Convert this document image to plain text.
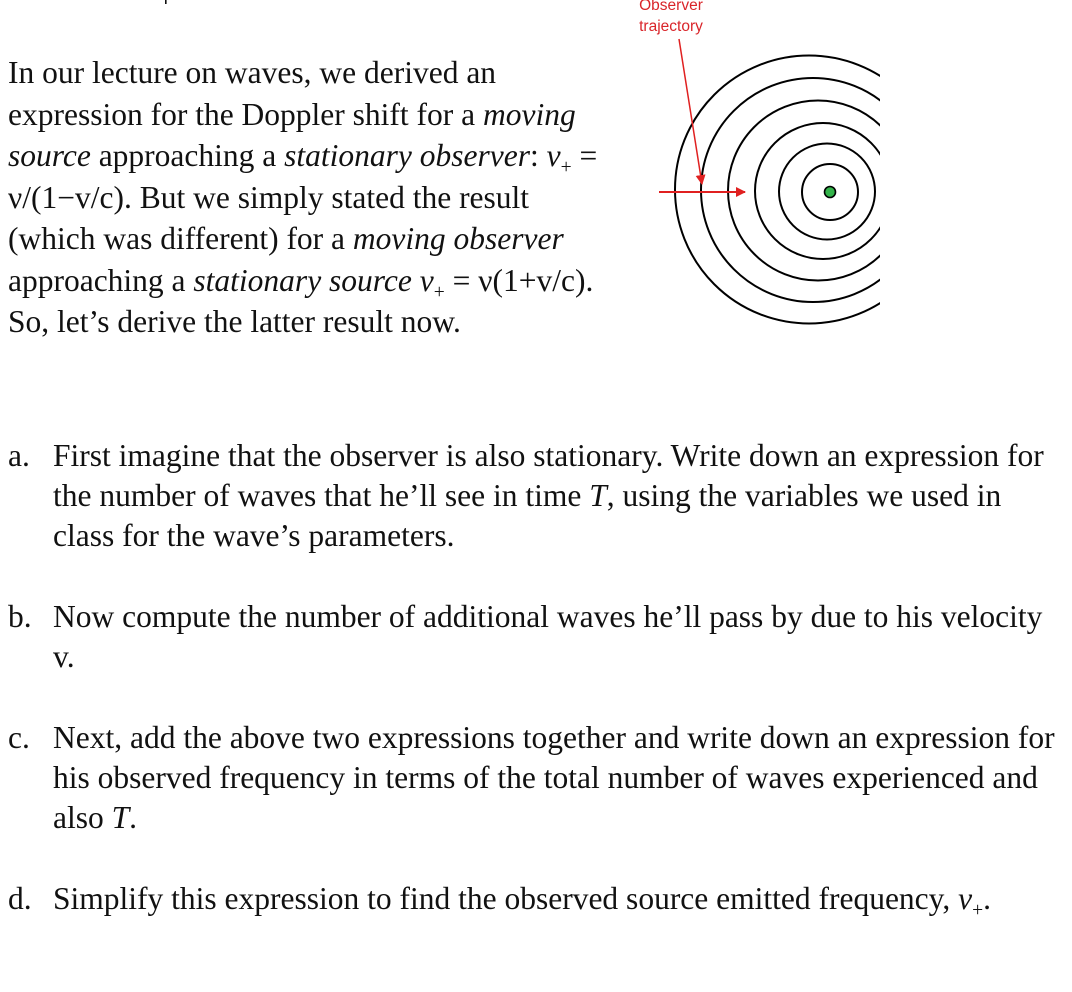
In our lecture on waves, we derived an expression for the Doppler shift for a moving source approaching a stationary observer: $\nu_+ = \nu/(1-v/c)$. But we simply stated the result (which was different) for a moving observer approaching a stationary source $\nu_+ = \nu(1+v/c)$. So, let’s derive the latter result now.

Observer
trajectory
a. First imagine that the observer is also stationary. Write down an expression for the number of waves that he’ll see in time T, using the variables we used in class for the wave’s parameters.
b. Now compute the number of additional waves he’ll pass by due to his velocity v.
c. Next, add the above two expressions together and write down an expression for his observed frequency in terms of the total number of waves experienced and also T.
d. Simplify this expression to find the observed source emitted frequency, $\nu_+$.
